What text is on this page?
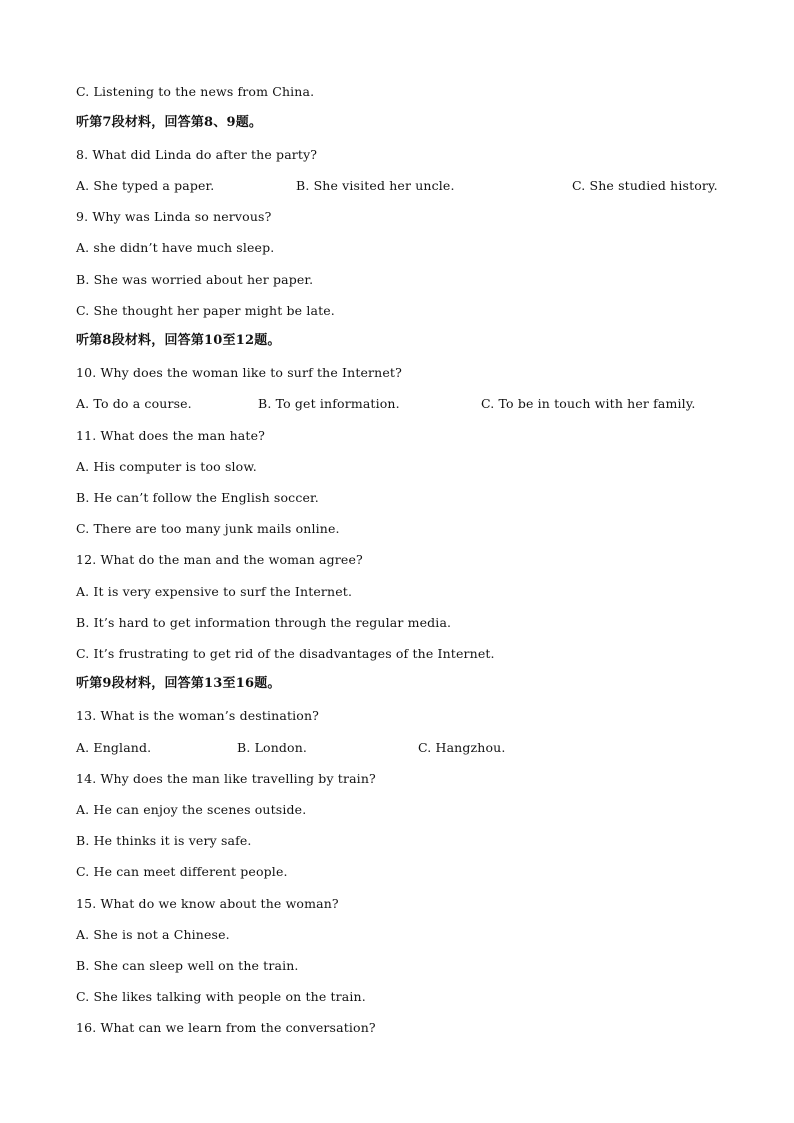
C. Listening to the news from China.
听第7段材料，回答第8、9题。
8. What did Linda do after the party?
A. She typed a paper.	B. She visited her uncle.	C. She studied history.
9. Why was Linda so nervous?
A. she didn’t have much sleep.
B. She was worried about her paper.
C. She thought her paper might be late.
听第8段材料，回答第10至12题。
10. Why does the woman like to surf the Internet?
A. To do a course.	B. To get information.	C. To be in touch with her family.
11. What does the man hate?
A. His computer is too slow.
B. He can’t follow the English soccer.
C. There are too many junk mails online.
12. What do the man and the woman agree?
A. It is very expensive to surf the Internet.
B. It’s hard to get information through the regular media.
C. It’s frustrating to get rid of the disadvantages of the Internet.
听第9段材料，回答第13至16题。
13. What is the woman’s destination?
A. England.	B. London.	C. Hangzhou.
14. Why does the man like travelling by train?
A. He can enjoy the scenes outside.
B. He thinks it is very safe.
C. He can meet different people.
15. What do we know about the woman?
A. She is not a Chinese.
B. She can sleep well on the train.
C. She likes talking with people on the train.
16. What can we learn from the conversation?
